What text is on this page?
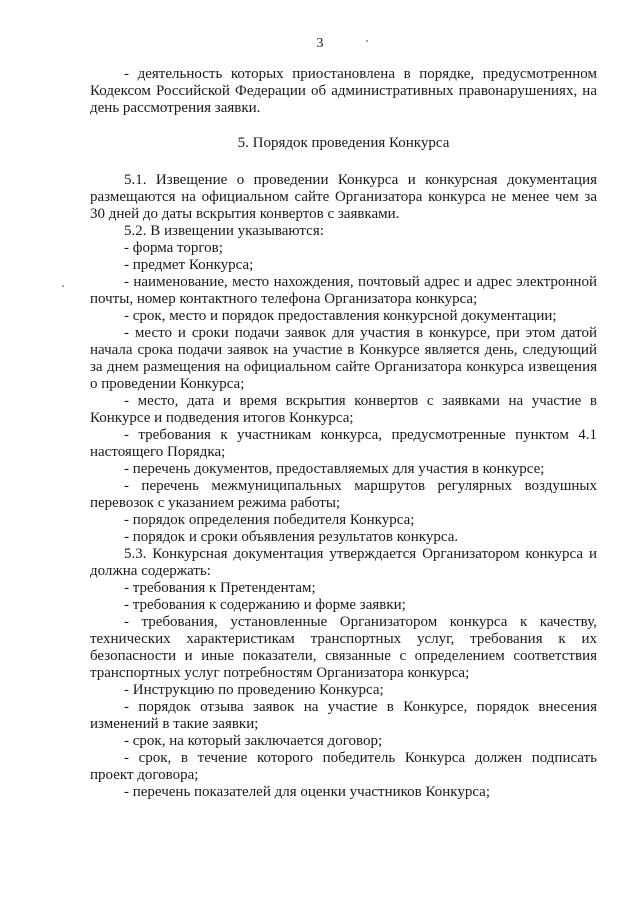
3

- деятельность которых приостановлена в порядке, предусмотренном Кодексом Российской Федерации об административных правонарушениях, на день рассмотрения заявки.

5. Порядок проведения Конкурса

5.1. Извещение о проведении Конкурса и конкурсная документация размещаются на официальном сайте Организатора конкурса не менее чем за 30 дней до даты вскрытия конвертов с заявками.

5.2. В извещении указываются:

- форма торгов;

- предмет Конкурса;

- наименование, место нахождения, почтовый адрес и адрес электронной почты, номер контактного телефона Организатора конкурса;

- срок, место и порядок предоставления конкурсной документации;

- место и сроки подачи заявок для участия в конкурсе, при этом датой начала срока подачи заявок на участие в Конкурсе является день, следующий за днем размещения на официальном сайте Организатора конкурса извещения о проведении Конкурса;

- место, дата и время вскрытия конвертов с заявками на участие в Конкурсе и подведения итогов Конкурса;

- требования к участникам конкурса, предусмотренные пунктом 4.1 настоящего Порядка;

- перечень документов, предоставляемых для участия в конкурсе;

- перечень межмуниципальных маршрутов регулярных воздушных перевозок с указанием режима работы;

- порядок определения победителя Конкурса;

- порядок и сроки объявления результатов конкурса.

5.3. Конкурсная документация утверждается Организатором конкурса и должна содержать:

- требования к Претендентам;

- требования к содержанию и форме заявки;

- требования, установленные Организатором конкурса к качеству, технических характеристикам транспортных услуг, требования к их безопасности и иные показатели, связанные с определением соответствия транспортных услуг потребностям Организатора конкурса;

- Инструкцию по проведению Конкурса;

- порядок отзыва заявок на участие в Конкурсе, порядок внесения изменений в такие заявки;

- срок, на который заключается договор;

- срок, в течение которого победитель Конкурса должен подписать проект договора;

- перечень показателей для оценки участников Конкурса;
